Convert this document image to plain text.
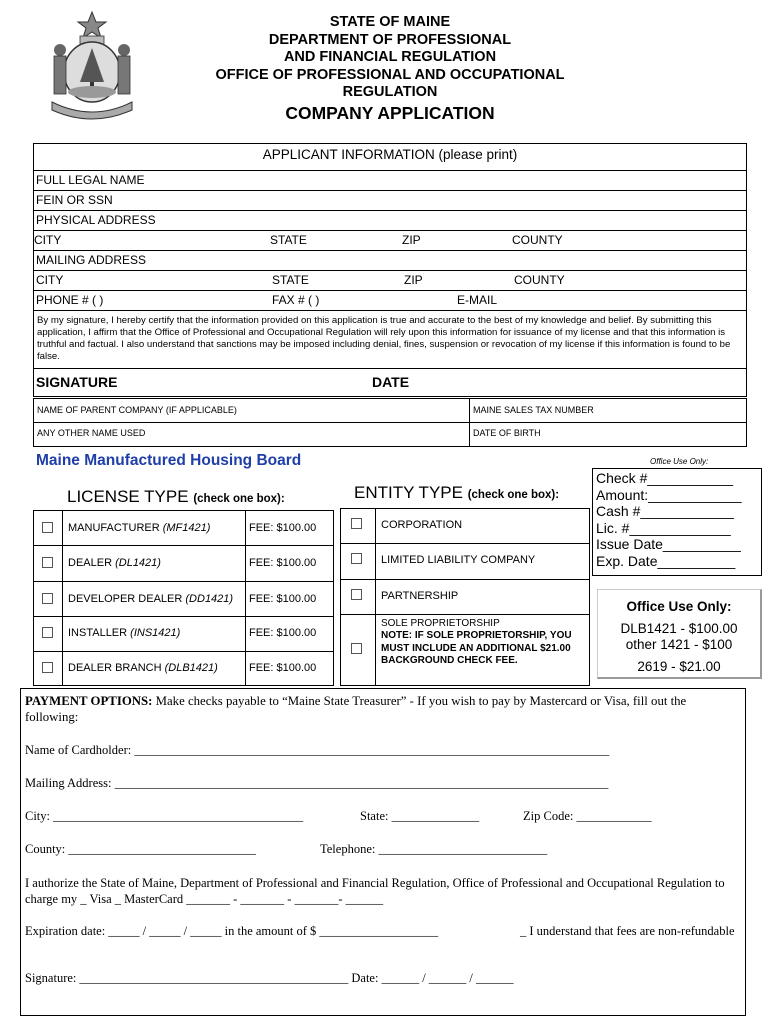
STATE OF MAINE
DEPARTMENT OF PROFESSIONAL
AND FINANCIAL REGULATION
OFFICE OF PROFESSIONAL AND OCCUPATIONAL
REGULATION
COMPANY APPLICATION
APPLICANT INFORMATION (please print)
FULL LEGAL NAME
FEIN OR SSN
PHYSICAL ADDRESS
CITY	STATE	ZIP	COUNTY
MAILING ADDRESS
CITY	STATE	ZIP	COUNTY
PHONE # ( )	FAX # ( )	E-MAIL
By my signature, I hereby certify that the information provided on this application is true and accurate to the best of my knowledge and belief. By submitting this application, I affirm that the Office of Professional and Occupational Regulation will rely upon this information for issuance of my license and that this information is truthful and factual. I also understand that sanctions may be imposed including denial, fines, suspension or revocation of my license if this information is found to be false.
SIGNATURE	DATE
NAME OF PARENT COMPANY (IF APPLICABLE)	MAINE SALES TAX NUMBER
ANY OTHER NAME USED	DATE OF BIRTH
Maine Manufactured Housing Board
LICENSE TYPE (check one box):
MANUFACTURER (MF1421)	FEE: $100.00
DEALER (DL1421)	FEE: $100.00
DEVELOPER DEALER (DD1421) FEE: $100.00
INSTALLER (INS1421)	FEE: $100.00
DEALER BRANCH (DLB1421)	FEE: $100.00
ENTITY TYPE (check one box):
CORPORATION
LIMITED LIABILITY COMPANY
PARTNERSHIP
SOLE PROPRIETORSHIP
NOTE: IF SOLE PROPRIETORSHIP, YOU MUST INCLUDE AN ADDITIONAL $21.00 BACKGROUND CHECK FEE.
Office Use Only:
Check #___________
Amount:____________
Cash #____________
Lic. #_____________
Issue Date__________
Exp. Date__________
Office Use Only:
DLB1421 - $100.00
other 1421 - $100
2619 - $21.00
PAYMENT OPTIONS: Make checks payable to “Maine State Treasurer” - If you wish to pay by Mastercard or Visa, fill out the following:
Name of Cardholder: ____________________________________________________________________________
Mailing Address: _______________________________________________________________________________
City: ________________________________________	State: ______________	Zip Code: ____________
County: ______________________________	Telephone: ___________________________
I authorize the State of Maine, Department of Professional and Financial Regulation, Office of Professional and Occupational Regulation to charge my _ Visa _ MasterCard _______ - _______ - _______- ______
Expiration date: _____ / _____ / _____ in the amount of $ ___________________	_ I understand that fees are non-refundable
Signature: ___________________________________________ Date: ______ / ______ / ______
